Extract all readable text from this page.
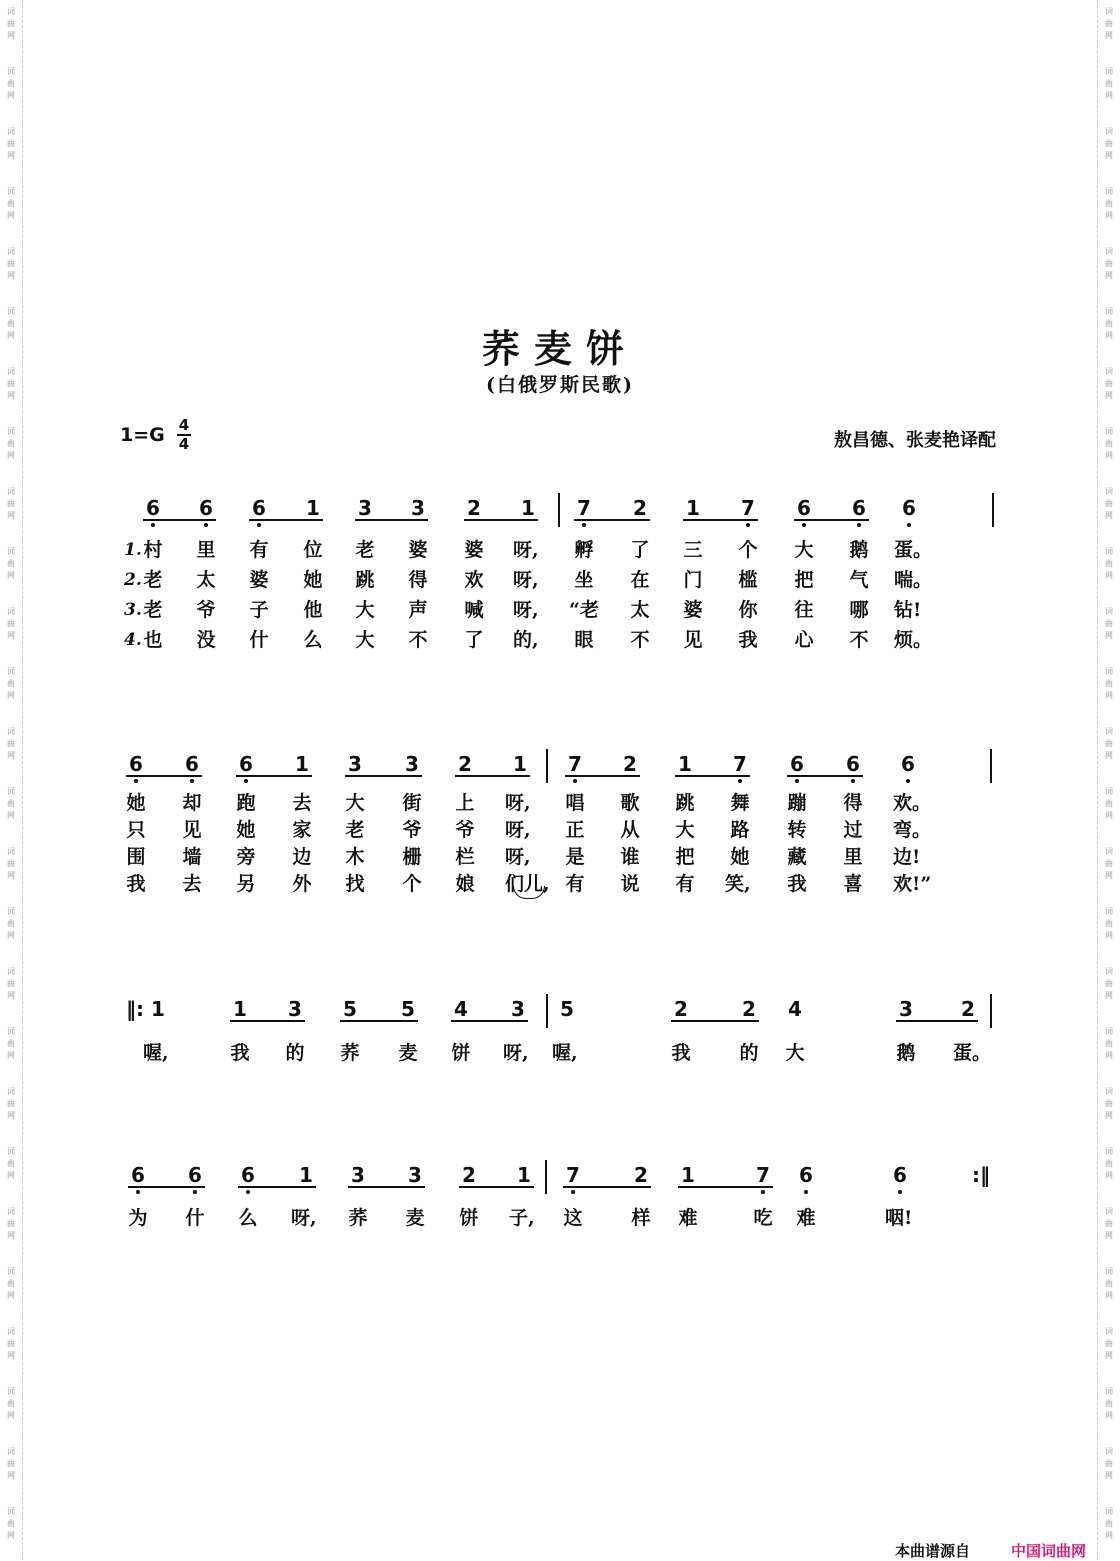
词
曲
网
词
曲
网
词
曲
网
词
曲
网
词
曲
网
词
曲
网
词
曲
网
词
曲
网
词
曲
网
词
曲
网
词
曲
网
词
曲
网
词
曲
网
词
曲
网
词
曲
网
词
曲
网
词
曲
网
词
曲
网
词
曲
网
词
曲
网
词
曲
网
词
曲
网
词
曲
网
词
曲
网
词
曲
网
词
曲
网
词
曲
网
词
曲
网
词
曲
网
词
曲
网
词
曲
网
词
曲
网
词
曲
网
词
曲
网
词
曲
网
词
曲
网
词
曲
网
词
曲
网
词
曲
网
词
曲
网
词
曲
网
词
曲
网
词
曲
网
词
曲
网
词
曲
网
词
曲
网
词
曲
网
词
曲
网
词
曲
网
词
曲
网
词
曲
网
词
曲
网
荞麦饼
(白俄罗斯民歌)
1=G 4
4	敖昌德、张麦艳译配
6	6	6	1	3	3	2	1	7	2	1	7	6	6	6
1. 村 里 有 位 老 婆 婆 呀, 孵 了 三 个 大 鹅 蛋。
2. 老 太 婆 她 跳 得 欢 呀, 坐 在 门 槛 把 气 喘。
3. 老 爷 子 他 大 声 喊 呀, “老 太 婆 你 往 哪 钻!
4. 也 没 什 么 大 不 了 的, 眼 不 见 我 心 不 烦。
6	6	6	1	3	3	2	1	7	2	1	7	6	6	6
她 却 跑 去 大 街 上 呀, 唱 歌 跳 舞 蹦 得 欢。
只 见 她 家 老 爷 爷 呀, 正 从 大 路 转 过 弯。
围 墙 旁 边 木 栅 栏 呀, 是 谁 把 她 藏 里 边!
我 去 另 外 找 个 娘 们儿, 有 说 有 笑, 我 喜 欢!”
1	1	3	5	5	4	3	5	2	2	4	3	2
喔,	我 的 荞 麦 饼 呀, 喔,	我	的 大	鹅 蛋。
6	6	6	1	3	3	2	1	7	2	1	7	6	6
为 什 么 呀, 荞 麦 饼 子, 这	样 难	吃 难	咽!
‖:
:‖
本曲谱源自	中国词曲网
